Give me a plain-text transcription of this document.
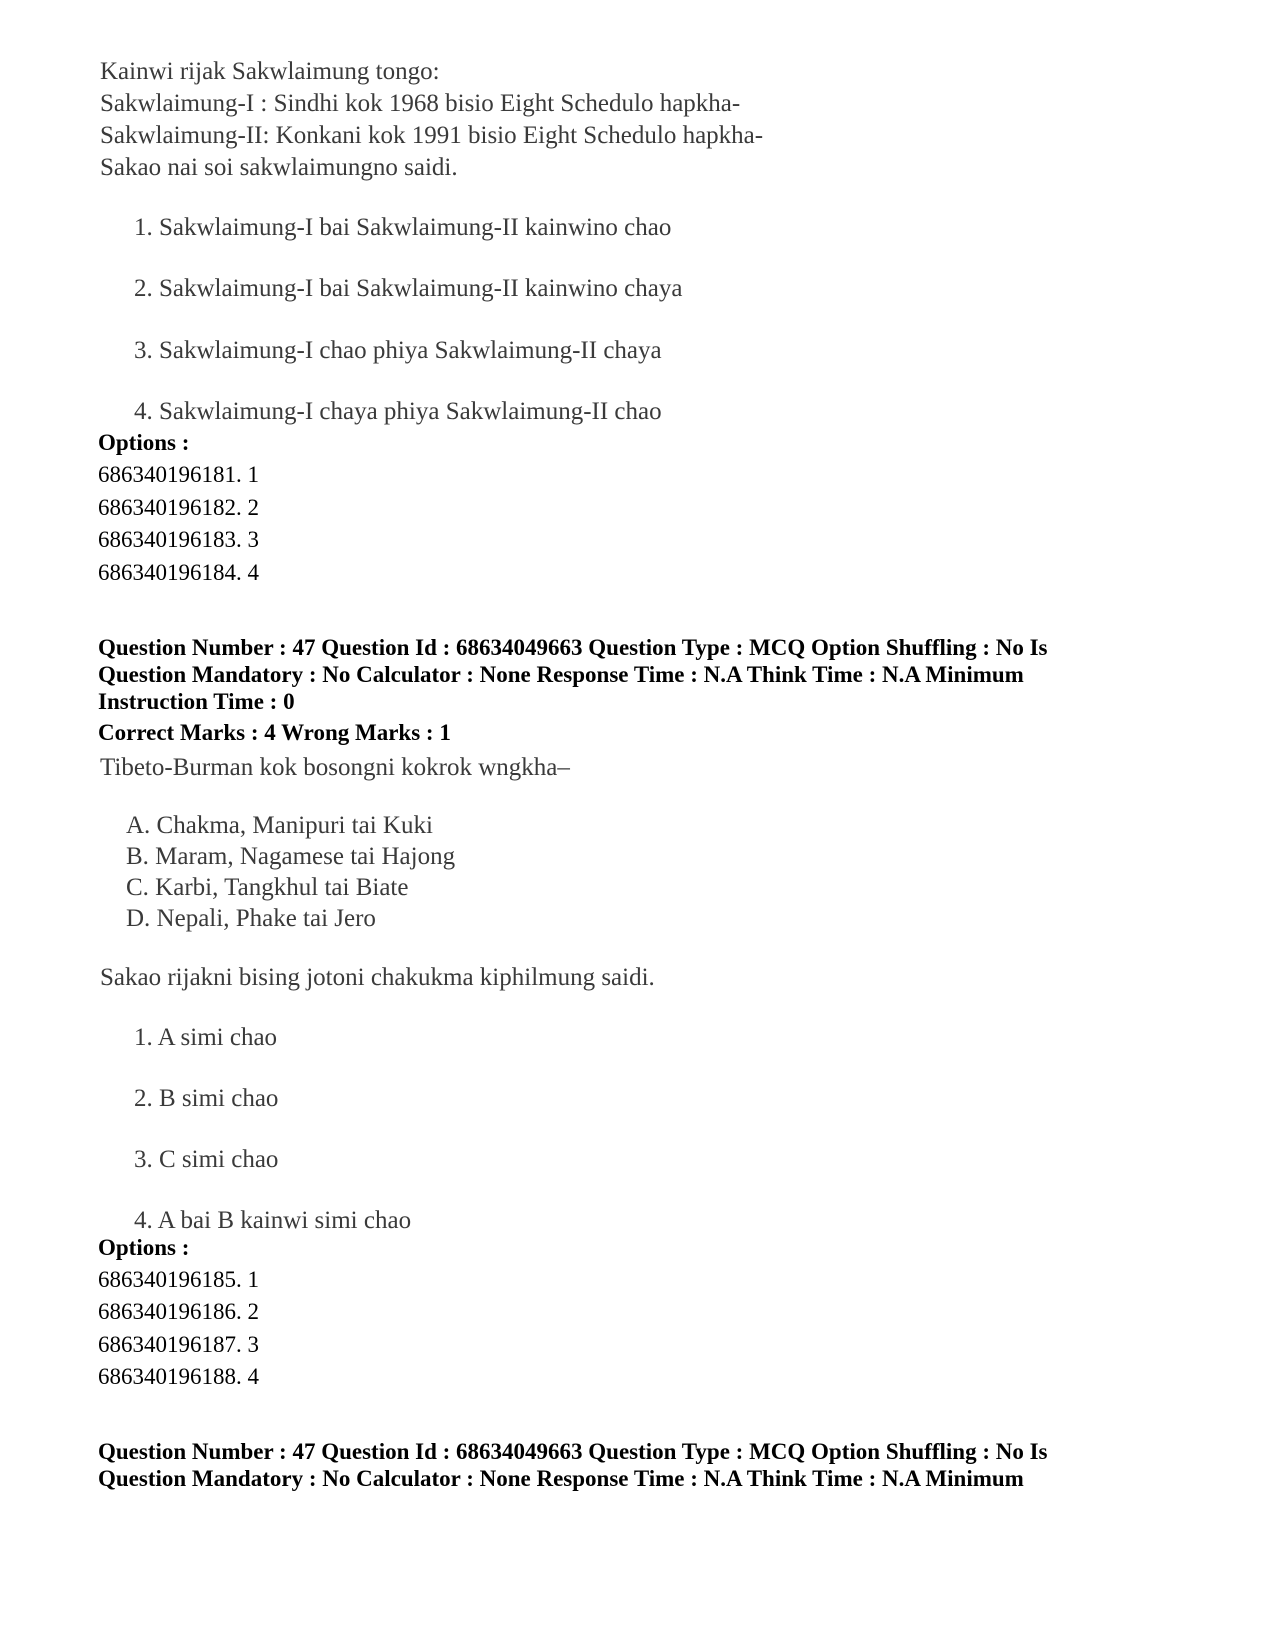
Kainwi rijak Sakwlaimung tongo:
Sakwlaimung-I : Sindhi kok 1968 bisio Eight Schedulo hapkha-
Sakwlaimung-II: Konkani kok 1991 bisio Eight Schedulo hapkha-
Sakao nai soi sakwlaimungno saidi.
1. Sakwlaimung-I bai Sakwlaimung-II kainwino chao
2. Sakwlaimung-I bai Sakwlaimung-II kainwino chaya
3. Sakwlaimung-I chao phiya Sakwlaimung-II chaya
4. Sakwlaimung-I chaya phiya Sakwlaimung-II chao
Options :
686340196181. 1
686340196182. 2
686340196183. 3
686340196184. 4
Question Number : 47 Question Id : 68634049663 Question Type : MCQ Option Shuffling : No Is Question Mandatory : No Calculator : None Response Time : N.A Think Time : N.A Minimum Instruction Time : 0
Correct Marks : 4 Wrong Marks : 1
Tibeto-Burman kok bosongni kokrok wngkha–
A. Chakma, Manipuri tai Kuki
B. Maram, Nagamese tai Hajong
C. Karbi, Tangkhul tai Biate
D. Nepali, Phake tai Jero
Sakao rijakni bising jotoni chakukma kiphilmung saidi.
1. A simi chao
2. B simi chao
3. C simi chao
4. A bai B kainwi simi chao
Options :
686340196185. 1
686340196186. 2
686340196187. 3
686340196188. 4
Question Number : 47 Question Id : 68634049663 Question Type : MCQ Option Shuffling : No Is Question Mandatory : No Calculator : None Response Time : N.A Think Time : N.A Minimum
